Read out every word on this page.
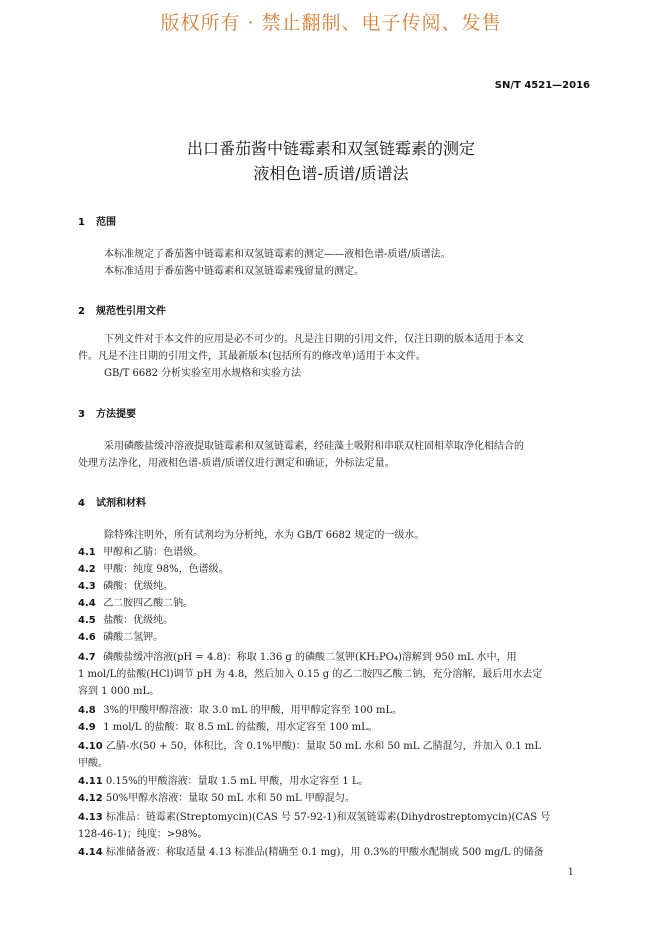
版权所有 · 禁止翻制、电子传阅、发售
SN/T 4521—2016
出口番茄酱中链霉素和双氢链霉素的测定
液相色谱-质谱/质谱法
1 范围
本标准规定了番茄酱中链霉素和双氢链霉素的测定——液相色谱-质谱/质谱法。
本标准适用于番茄酱中链霉素和双氢链霉素残留量的测定。
2 规范性引用文件
下列文件对于本文件的应用是必不可少的。凡是注日期的引用文件，仅注日期的版本适用于本文
件。凡是不注日期的引用文件，其最新版本(包括所有的修改单)适用于本文件。
GB/T 6682 分析实验室用水规格和实验方法
3 方法提要
采用磷酸盐缓冲溶液提取链霉素和双氢链霉素，经硅藻土吸附和串联双柱固相萃取净化相结合的
处理方法净化，用液相色谱-质谱/质谱仪进行测定和确证，外标法定量。
4 试剂和材料
除特殊注明外，所有试剂均为分析纯，水为 GB/T 6682 规定的一级水。
4.1 甲醇和乙腈：色谱级。
4.2 甲酸：纯度 98%，色谱级。
4.3 磷酸：优级纯。
4.4 乙二胺四乙酸二钠。
4.5 盐酸：优级纯。
4.6 磷酸二氢钾。
4.7 磷酸盐缓冲溶液(pH = 4.8)：称取 1.36 g 的磷酸二氢钾(KH₂PO₄)溶解到 950 mL 水中，用
1 mol/L的盐酸(HCl)调节 pH 为 4.8，然后加入 0.15 g 的乙二胺四乙酸二钠，充分溶解，最后用水去定
容到 1 000 mL。
4.8 3%的甲酸甲醇溶液：取 3.0 mL 的甲酸，用甲醇定容至 100 mL。
4.9 1 mol/L 的盐酸：取 8.5 mL 的盐酸，用水定容至 100 mL。
4.10 乙腈-水(50 + 50，体积比，含 0.1%甲酸)：量取 50 mL 水和 50 mL 乙腈混匀，并加入 0.1 mL
甲酸。
4.11 0.15%的甲酸溶液：量取 1.5 mL 甲酸，用水定容至 1 L。
4.12 50%甲醇水溶液：量取 50 mL 水和 50 mL 甲醇混匀。
4.13 标准品：链霉素(Streptomycin)(CAS 号 57-92-1)和双氢链霉素(Dihydrostreptomycin)(CAS 号
128-46-1)；纯度：>98%。
4.14 标准储备液：称取适量 4.13 标准品(精确至 0.1 mg)，用 0.3%的甲酸水配制成 500 mg/L 的储备
1
